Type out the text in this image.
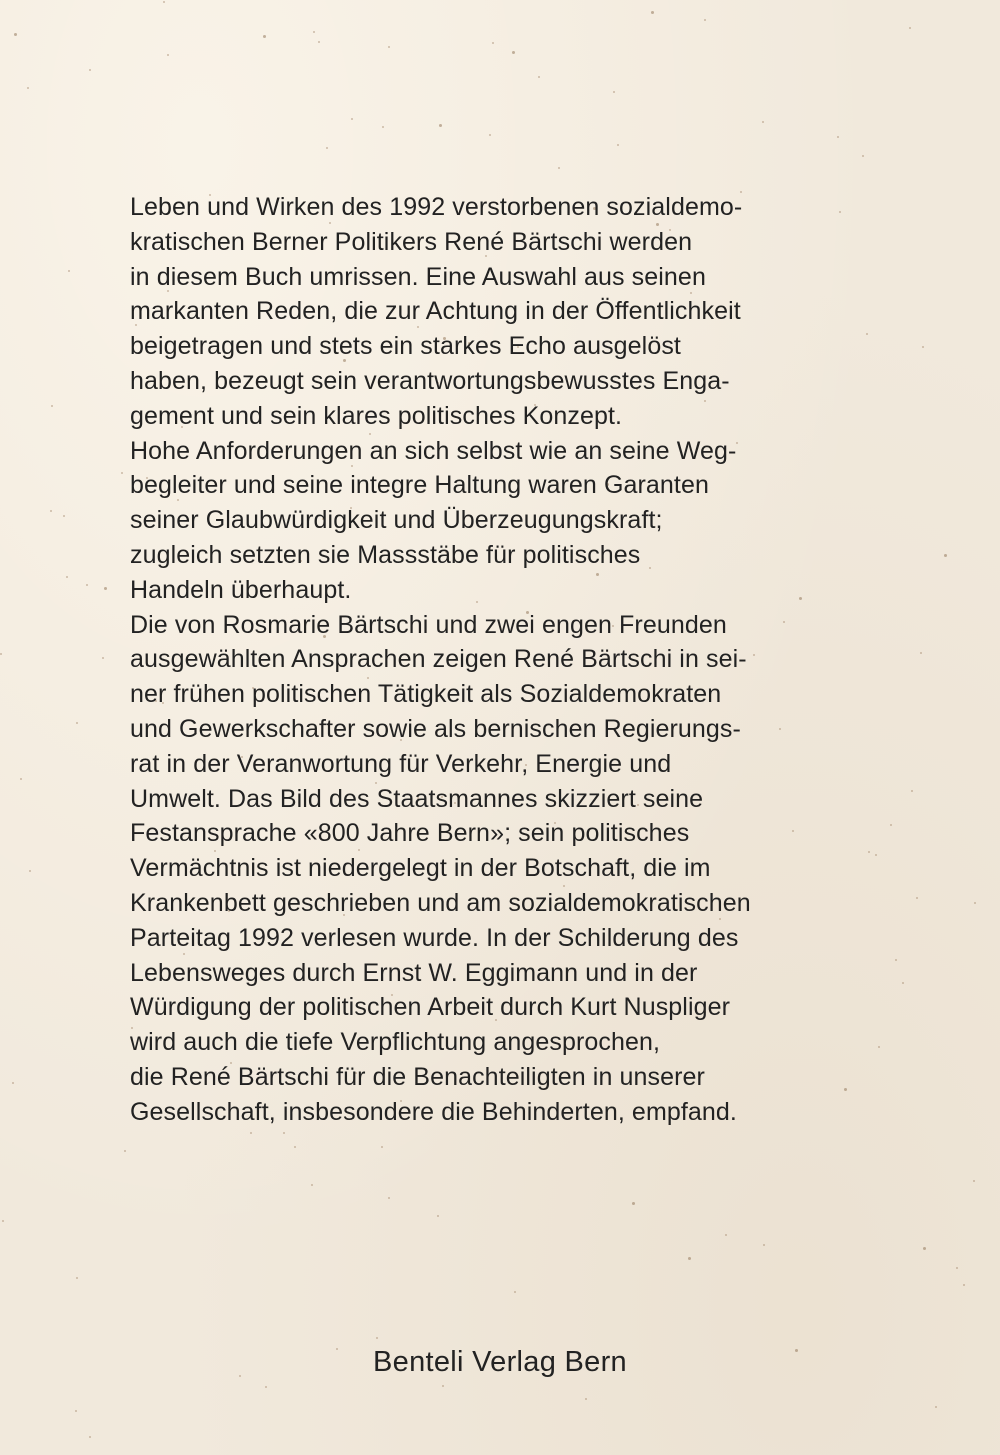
Leben und Wirken des 1992 verstorbenen sozialdemo-
kratischen Berner Politikers René Bärtschi werden
in diesem Buch umrissen. Eine Auswahl aus seinen
markanten Reden, die zur Achtung in der Öffentlichkeit
beigetragen und stets ein starkes Echo ausgelöst
haben, bezeugt sein verantwortungsbewusstes Enga-
gement und sein klares politisches Konzept.
Hohe Anforderungen an sich selbst wie an seine Weg-
begleiter und seine integre Haltung waren Garanten
seiner Glaubwürdigkeit und Überzeugungskraft;
zugleich setzten sie Massstäbe für politisches
Handeln überhaupt.
Die von Rosmarie Bärtschi und zwei engen Freunden
ausgewählten Ansprachen zeigen René Bärtschi in sei-
ner frühen politischen Tätigkeit als Sozialdemokraten
und Gewerkschafter sowie als bernischen Regierungs-
rat in der Veranwortung für Verkehr, Energie und
Umwelt. Das Bild des Staatsmannes skizziert seine
Festansprache «800 Jahre Bern»; sein politisches
Vermächtnis ist niedergelegt in der Botschaft, die im
Krankenbett geschrieben und am sozialdemokratischen
Parteitag 1992 verlesen wurde. In der Schilderung des
Lebensweges durch Ernst W. Eggimann und in der
Würdigung der politischen Arbeit durch Kurt Nuspliger
wird auch die tiefe Verpflichtung angesprochen,
die René Bärtschi für die Benachteiligten in unserer
Gesellschaft, insbesondere die Behinderten, empfand.

Benteli Verlag Bern
